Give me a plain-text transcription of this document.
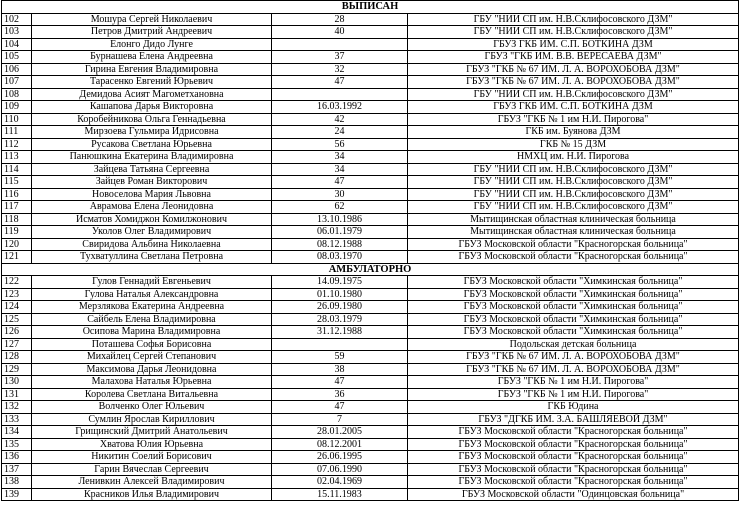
ВЫПИСАН			
102	Мошура Сергей Николаевич	28	ГБУ "НИИ СП им. Н.В.Склифосовского ДЗМ"
103	Петров Дмитрий Андреевич	40	ГБУ "НИИ СП им. Н.В.Склифосовского ДЗМ"
104	Елонго Дидо Лунге		ГБУЗ ГКБ ИМ. С.П. БОТКИНА ДЗМ
105	Бурнашева Елена Андреевна	37	ГБУЗ "ГКБ ИМ. В.В. ВЕРЕСАЕВА ДЗМ"
106	Гирина Евгения Владимировна	32	ГБУЗ "ГКБ № 67 ИМ. Л. А. ВОРОХОБОВА ДЗМ"
107	Тарасенко Евгений Юрьевич	47	ГБУЗ "ГКБ № 67 ИМ. Л. А. ВОРОХОБОВА ДЗМ"
108	Демидова Асият Магометхановна		ГБУ "НИИ СП им. Н.В.Склифосовского ДЗМ"
109	Кашапова Дарья Викторовна	16.03.1992	ГБУЗ ГКБ ИМ. С.П. БОТКИНА ДЗМ
110	Коробейникова Ольга Геннадьевна	42	ГБУЗ "ГКБ № 1 им Н.И. Пирогова"
111	Мирзоева Гульмира Идрисовна	24	ГКБ им. Буянова ДЗМ
112	Русакова Светлана Юрьевна	56	ГКБ № 15 ДЗМ
113	Панюшкина Екатерина Владимировна	34	НМХЦ им. Н.И. Пирогова
114	Зайцева Татьяна Сергеевна	34	ГБУ "НИИ СП им. Н.В.Склифосовского ДЗМ"
115	Зайцев Роман Викторович	47	ГБУ "НИИ СП им. Н.В.Склифосовского ДЗМ"
116	Новоселова Мария Львовна	30	ГБУ "НИИ СП им. Н.В.Склифосовского ДЗМ"
117	Аврамова Елена Леонидовна	62	ГБУ "НИИ СП им. Н.В.Склифосовского ДЗМ"
118	Исматов Хомиджон Комилжонович	13.10.1986	Мытищинская областная клиническая больница
119	Уколов Олег Владимирович	06.01.1979	Мытищинская областная клиническая больница
120	Свиридова Альбина Николаевна	08.12.1988	ГБУЗ Московской области "Красногорская больница"
121	Тухватуллина Светлана Петровна	08.03.1970	ГБУЗ Московской области "Красногорская больница"
АМБУЛАТОРНО			
122	Гулов Геннадий Евгеньевич	14.09.1975	ГБУЗ Московской области "Химкинская больница"
123	Гулова Наталья Александровна	01.10.1980	ГБУЗ Московской области "Химкинская больница"
124	Мерзлякова Екатерина Андреевна	26.09.1980	ГБУЗ Московской области "Химкинская больница"
125	Сайбель Елена Владимировна	28.03.1979	ГБУЗ Московской области "Химкинская больница"
126	Осипова Марина Владимировна	31.12.1988	ГБУЗ Московской области "Химкинская больница"
127	Поташева Софья Борисовна		Подольская детская больница
128	Михайлец Сергей Степанович	59	ГБУЗ "ГКБ № 67 ИМ. Л. А. ВОРОХОБОВА ДЗМ"
129	Максимова Дарья Леонидовна	38	ГБУЗ "ГКБ № 67 ИМ. Л. А. ВОРОХОБОВА ДЗМ"
130	Малахова Наталья Юрьевна	47	ГБУЗ "ГКБ № 1 им Н.И. Пирогова"
131	Королева Светлана Витальевна	36	ГБУЗ "ГКБ № 1 им Н.И. Пирогова"
132	Волченко Олег Юльевич	47	ГКБ Юдина
133	Сумлин Ярослав Кириллович	7	ГБУЗ "ДГКБ ИМ. З.А. БАШЛЯЕВОЙ ДЗМ"
134	Грищинский Дмитрий Анатольевич	28.01.2005	ГБУЗ Московской области "Красногорская больница"
135	Хватова Юлия Юрьевна	08.12.2001	ГБУЗ Московской области "Красногорская больница"
136	Никитин Соелий Борисович	26.06.1995	ГБУЗ Московской области "Красногорская больница"
137	Гарин Вячеслав Сергеевич	07.06.1990	ГБУЗ Московской области "Красногорская больница"
138	Ленивкин Алексей Владимирович	02.04.1969	ГБУЗ Московской области "Красногорская больница"
139	Красников Илья Владимирович	15.11.1983	ГБУЗ Московской области "Одинцовская больница"
